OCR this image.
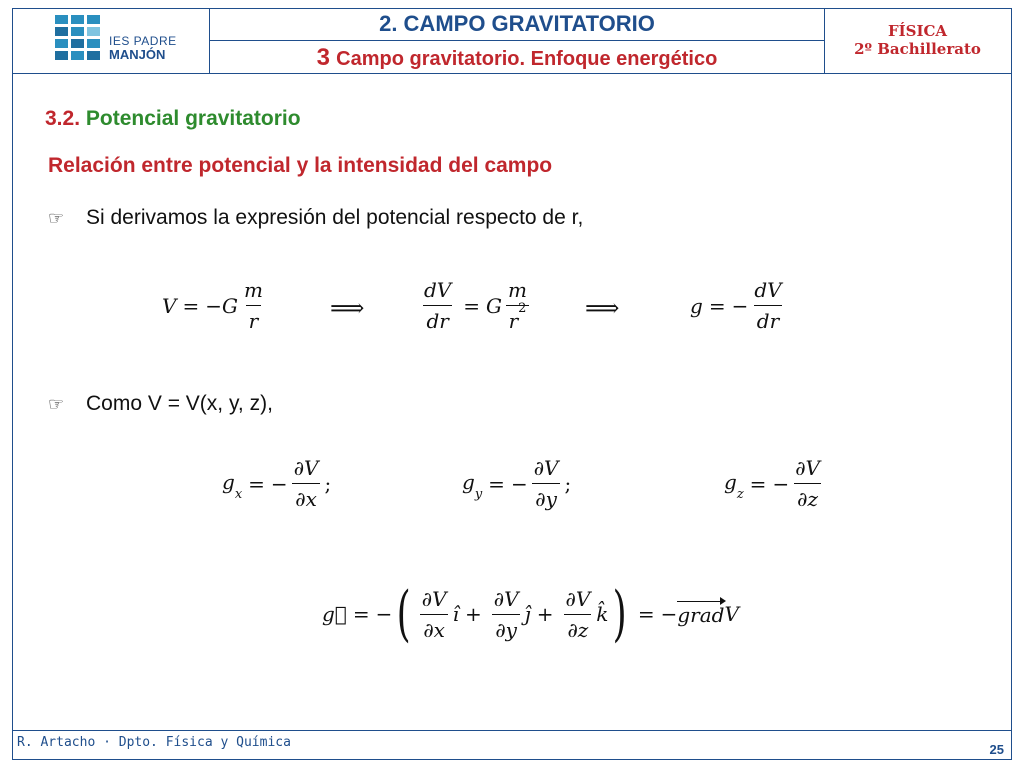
IES PADRE
MANJÓN
2. CAMPO GRAVITATORIO
3 Campo gravitatorio. Enfoque energético
FÍSICA
2º Bachillerato
3.2. Potencial gravitatorio
Relación entre potencial y la intensidad del campo
☞ Si derivamos la expresión del potencial respecto de r,
$V = -G \frac{m}{r}$	⟹	$\frac{dV}{dr} = G \frac{m}{r^2}$ ⟹	g = − $\frac{dV}{dr}$
☞ Como V = V(x, y, z),
$g_x$ = − $\frac{\partial V}{\partial x}$ ;	$g_y$ = − $\frac{\partial V}{\partial y}$ ;	$g_z$ = − $\frac{\partial V}{\partial z}$
g⃗ = − ( $\frac{\partial V}{\partial x}$ î + $\frac{\partial V}{\partial y}$ ĵ + $\frac{\partial V}{\partial z}$ k̂ ) = − grad V
R. Artacho · Dpto. Física y Química	25
